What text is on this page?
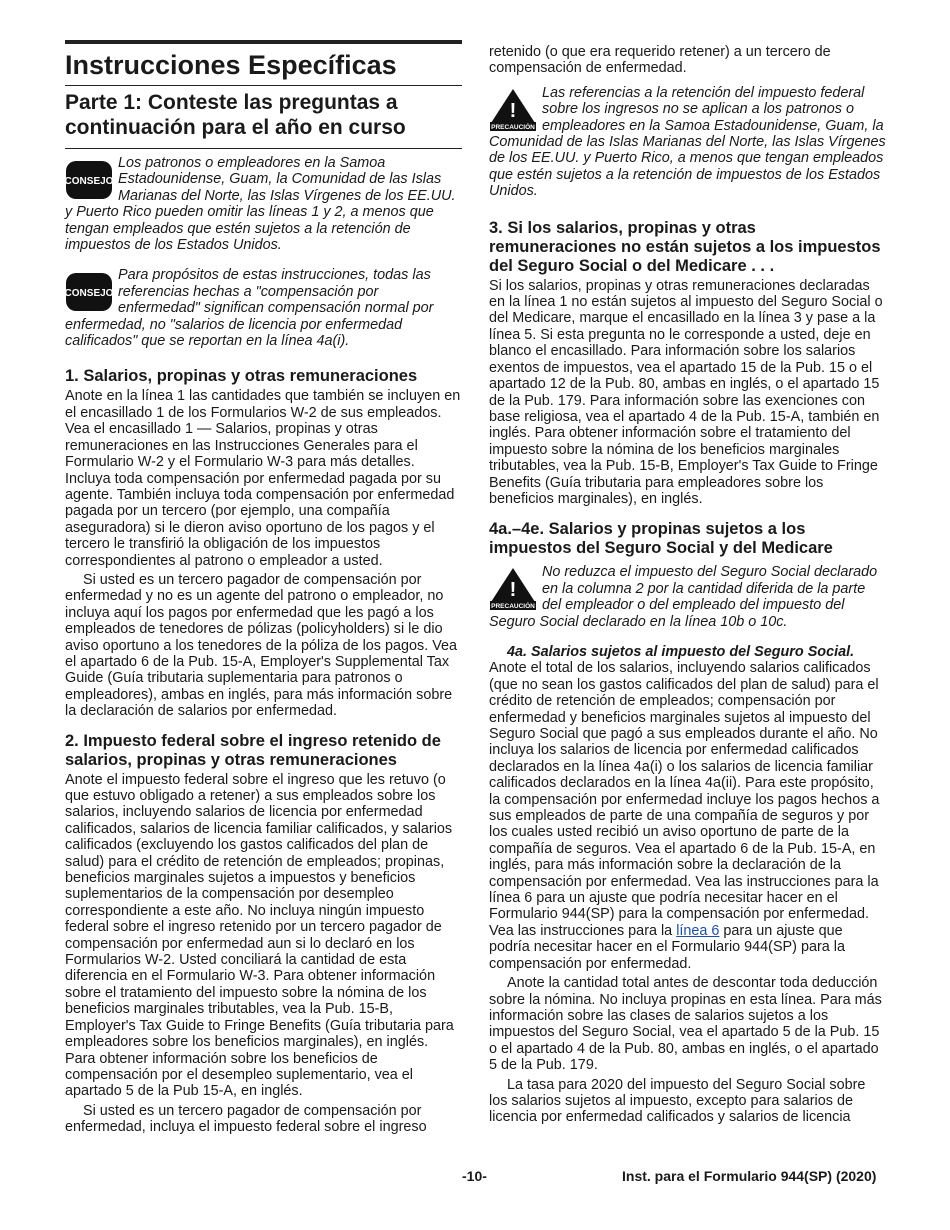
Instrucciones Específicas
Parte 1: Conteste las preguntas a continuación para el año en curso
CONSEJO

Los patronos o empleadores en la Samoa Estadounidense, Guam, la Comunidad de las Islas Marianas del Norte, las Islas Vírgenes de los EE.UU. y Puerto Rico pueden omitir las líneas 1 y 2, a menos que tengan empleados que estén sujetos a la retención de impuestos de los Estados Unidos.

CONSEJO

Para propósitos de estas instrucciones, todas las referencias hechas a "compensación por enfermedad" significan compensación normal por enfermedad, no "salarios de licencia por enfermedad calificados" que se reportan en la línea 4a(i).

1. Salarios, propinas y otras remuneraciones

Anote en la línea 1 las cantidades que también se incluyen en el encasillado 1 de los Formularios W-2 de sus empleados. Vea el encasillado 1 — Salarios, propinas y otras remuneraciones en las Instrucciones Generales para el Formulario W-2 y el Formulario W-3 para más detalles. Incluya toda compensación por enfermedad pagada por su agente. También incluya toda compensación por enfermedad pagada por un tercero (por ejemplo, una compañía aseguradora) si le dieron aviso oportuno de los pagos y el tercero le transfirió la obligación de los impuestos correspondientes al patrono o empleador a usted.

Si usted es un tercero pagador de compensación por enfermedad y no es un agente del patrono o empleador, no incluya aquí los pagos por enfermedad que les pagó a los empleados de tenedores de pólizas (policyholders) si le dio aviso oportuno a los tenedores de la póliza de los pagos. Vea el apartado 6 de la Pub. 15-A, Employer's Supplemental Tax Guide (Guía tributaria suplementaria para patronos o empleadores), ambas en inglés, para más información sobre la declaración de salarios por enfermedad.

2. Impuesto federal sobre el ingreso retenido de salarios, propinas y otras remuneraciones

Anote el impuesto federal sobre el ingreso que les retuvo (o que estuvo obligado a retener) a sus empleados sobre los salarios, incluyendo salarios de licencia por enfermedad calificados, salarios de licencia familiar calificados, y salarios calificados (excluyendo los gastos calificados del plan de salud) para el crédito de retención de empleados; propinas, beneficios marginales sujetos a impuestos y beneficios suplementarios de la compensación por desempleo correspondiente a este año. No incluya ningún impuesto federal sobre el ingreso retenido por un tercero pagador de compensación por enfermedad aun si lo declaró en los Formularios W-2. Usted conciliará la cantidad de esta diferencia en el Formulario W-3. Para obtener información sobre el tratamiento del impuesto sobre la nómina de los beneficios marginales tributables, vea la Pub. 15-B, Employer's Tax Guide to Fringe Benefits (Guía tributaria para empleadores sobre los beneficios marginales), en inglés. Para obtener información sobre los beneficios de compensación por el desempleo suplementario, vea el apartado 5 de la Pub 15-A, en inglés.

Si usted es un tercero pagador de compensación por enfermedad, incluya el impuesto federal sobre el ingreso

retenido (o que era requerido retener) a un tercero de compensación de enfermedad.

!
PRECAUCIÓN

Las referencias a la retención del impuesto federal sobre los ingresos no se aplican a los patronos o empleadores en la Samoa Estadounidense, Guam, la Comunidad de las Islas Marianas del Norte, las Islas Vírgenes de los EE.UU. y Puerto Rico, a menos que tengan empleados que estén sujetos a la retención de impuestos de los Estados Unidos.

3. Si los salarios, propinas y otras remuneraciones no están sujetos a los impuestos del Seguro Social o del Medicare . . .

Si los salarios, propinas y otras remuneraciones declaradas en la línea 1 no están sujetos al impuesto del Seguro Social o del Medicare, marque el encasillado en la línea 3 y pase a la línea 5. Si esta pregunta no le corresponde a usted, deje en blanco el encasillado. Para información sobre los salarios exentos de impuestos, vea el apartado 15 de la Pub. 15 o el apartado 12 de la Pub. 80, ambas en inglés, o el apartado 15 de la Pub. 179. Para información sobre las exenciones con base religiosa, vea el apartado 4 de la Pub. 15-A, también en inglés. Para obtener información sobre el tratamiento del impuesto sobre la nómina de los beneficios marginales tributables, vea la Pub. 15-B, Employer's Tax Guide to Fringe Benefits (Guía tributaria para empleadores sobre los beneficios marginales), en inglés.

4a.–4e. Salarios y propinas sujetos a los impuestos del Seguro Social y del Medicare
!
PRECAUCIÓN

No reduzca el impuesto del Seguro Social declarado en la columna 2 por la cantidad diferida de la parte del empleador o del empleado del impuesto del Seguro Social declarado en la línea 10b o 10c.

4a. Salarios sujetos al impuesto del Seguro Social. Anote el total de los salarios, incluyendo salarios calificados (que no sean los gastos calificados del plan de salud) para el crédito de retención de empleados; compensación por enfermedad y beneficios marginales sujetos al impuesto del Seguro Social que pagó a sus empleados durante el año. No incluya los salarios de licencia por enfermedad calificados declarados en la línea 4a(i) o los salarios de licencia familiar calificados declarados en la línea 4a(ii). Para este propósito, la compensación por enfermedad incluye los pagos hechos a sus empleados de parte de una compañía de seguros y por los cuales usted recibió un aviso oportuno de parte de la compañía de seguros. Vea el apartado 6 de la Pub. 15-A, en inglés, para más información sobre la declaración de la compensación por enfermedad. Vea las instrucciones para la línea 6 para un ajuste que podría necesitar hacer en el Formulario 944(SP) para la compensación por enfermedad. Vea las instrucciones para la línea 6 para un ajuste que podría necesitar hacer en el Formulario 944(SP) para la compensación por enfermedad.

Anote la cantidad total antes de descontar toda deducción sobre la nómina. No incluya propinas en esta línea. Para más información sobre las clases de salarios sujetos a los impuestos del Seguro Social, vea el apartado 5 de la Pub. 15 o el apartado 4 de la Pub. 80, ambas en inglés, o el apartado 5 de la Pub. 179.

La tasa para 2020 del impuesto del Seguro Social sobre los salarios sujetos al impuesto, excepto para salarios de licencia por enfermedad calificados y salarios de licencia

-10-	Inst. para el Formulario 944(SP) (2020)
